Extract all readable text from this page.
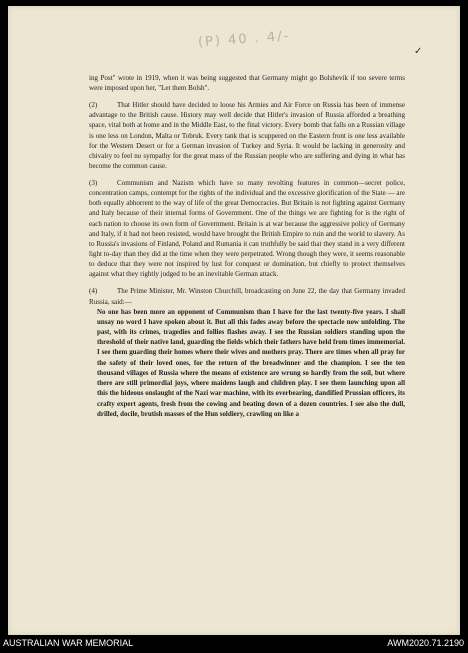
(P) 40 . 4/-
✓

ing Post" wrote in 1919, when it was being suggested that Germany might go Bolshevik if too severe terms were imposed upon her, "Let them Bolsh".

(2)	That Hitler should have decided to loose his Armies and Air Force on Russia has been of immense advantage to the British cause. History may well decide that Hitler's invasion of Russia afforded a breathing space, vital both at home and in the Middle East, to the final victory. Every bomb that falls on a Russian village is one less on London, Malta or Tobruk. Every tank that is scuppered on the Eastern front is one less available for the Western Desert or for a German invasion of Turkey and Syria. It would be lacking in generosity and chivalry to feel no sympathy for the great mass of the Russian people who are suffering and dying in what has become the common cause.

(3)	Communism and Nazism which have so many revolting features in common—secret police, concentration camps, contempt for the rights of the individual and the excessive glorification of the State — are both equally abhorrent to the way of life of the great Democracies. But Britain is not fighting against Germany and Italy because of their internal forms of Government. One of the things we are fighting for is the right of each nation to choose its own form of Government. Britain is at war because the aggressive policy of Germany and Italy, if it had not been resisted, would have brought the British Empire to ruin and the world to slavery. As to Russia's invasions of Finland, Poland and Rumania it can truthfully be said that they stand in a very different light to-day than they did at the time when they were perpetrated. Wrong though they were, it seems reasonable to deduce that they were not inspired by lust for conquest or domination, but chiefly to protect themselves against what they rightly judged to be an inevitable German attack.

(4)	The Prime Minister, Mr. Winston Churchill, broadcasting on June 22, the day that Germany invaded Russia, said:—

No one has been more an opponent of Communism than I have for the last twenty-five years. I shall unsay no word I have spoken about it. But all this fades away before the spectacle now unfolding. The past, with its crimes, tragedies and follies flashes away. I see the Russian soldiers standing upon the threshold of their native land, guarding the fields which their fathers have held from times immemorial. I see them guarding their homes where their wives and mothers pray. There are times when all pray for the safety of their loved ones, for the return of the breadwinner and the champion. I see the ten thousand villages of Russia where the means of existence are wrung so hardly from the soil, but where there are still primordial joys, where maidens laugh and children play. I see them launching upon all this the hideous onslaught of the Nazi war machine, with its overbearing, dandified Prussian officers, its crafty expert agents, fresh from the cowing and beating down of a dozen countries. I see also the dull, drilled, docile, brutish masses of the Hun soldiery, crawling on like a

AUSTRALIAN WAR MEMORIAL	AWM2020.71.2190
